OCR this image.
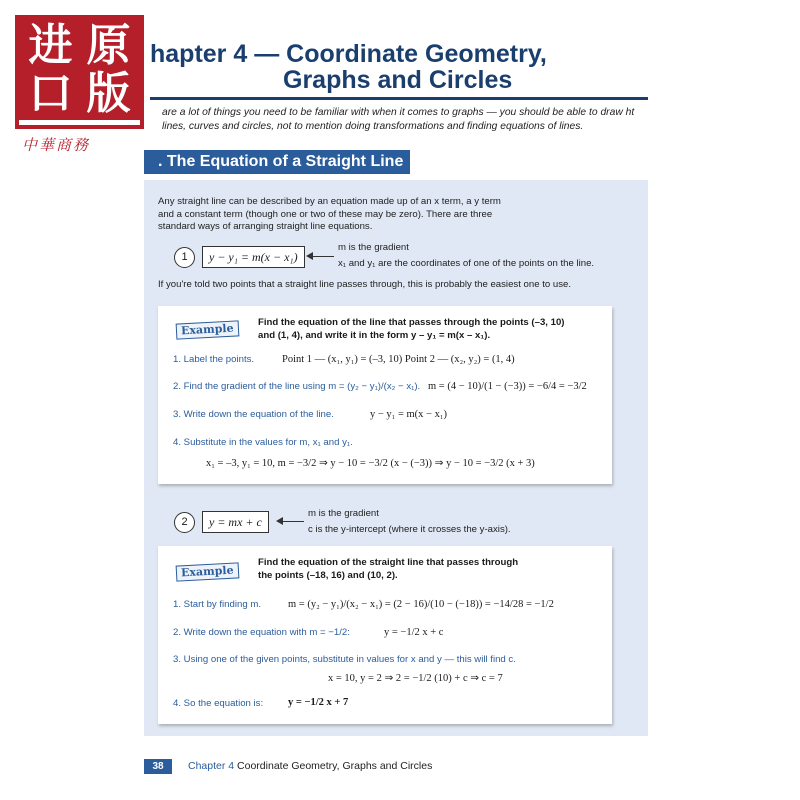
进 原
口 版
中華商務
hapter 4 — Coordinate Geometry,
Graphs and Circles
are a lot of things you need to be familiar with when it comes to graphs — you should be able to draw ht lines, curves and circles, not to mention doing transformations and finding equations of lines.
. The Equation of a Straight Line
Any straight line can be described by an equation made up of an x term, a y term and a constant term (though one or two of these may be zero). There are three standard ways of arranging straight line equations.
1	y − y₁ = m(x − x₁)
m is the gradient
x₁ and y₁ are the coordinates of one of the points on the line.
If you're told two points that a straight line passes through, this is probably the easiest one to use.
Example	Find the equation of the line that passes through the points (–3, 10)
and (1, 4), and write it in the form y – y₁ = m(x – x₁).
1. Label the points.	Point 1 — (x₁, y₁) = (–3, 10) Point 2 — (x₂, y₂) = (1, 4)
2. Find the gradient of the line using m = (y₂ − y₁)/(x₂ − x₁). m = (4 − 10)/(1 − (−3)) = −6/4 = −3/2
3. Write down the equation of the line.	y − y₁ = m(x − x₁)
4. Substitute in the values for m, x₁ and y₁.
x₁ = –3, y₁ = 10, m = −3/2 ⇒ y − 10 = −3/2 (x − (−3)) ⇒ y − 10 = −3/2 (x + 3)
2	y = mx + c
m is the gradient
c is the y-intercept (where it crosses the y-axis).
Example
Find the equation of the straight line that passes through
the points (–18, 16) and (10, 2).
1. Start by finding m.	m = (y₂ − y₁)/(x₂ − x₁) = (2 − 16)/(10 − (−18)) = −14/28 = −1/2
2. Write down the equation with m = −1/2:	y = −1/2 x + c
3. Using one of the given points, substitute in values for x and y — this will find c.
x = 10, y = 2 ⇒ 2 = −1/2 (10) + c ⇒ c = 7
4. So the equation is: y = −1/2 x + 7
38	Chapter 4 Coordinate Geometry, Graphs and Circles
